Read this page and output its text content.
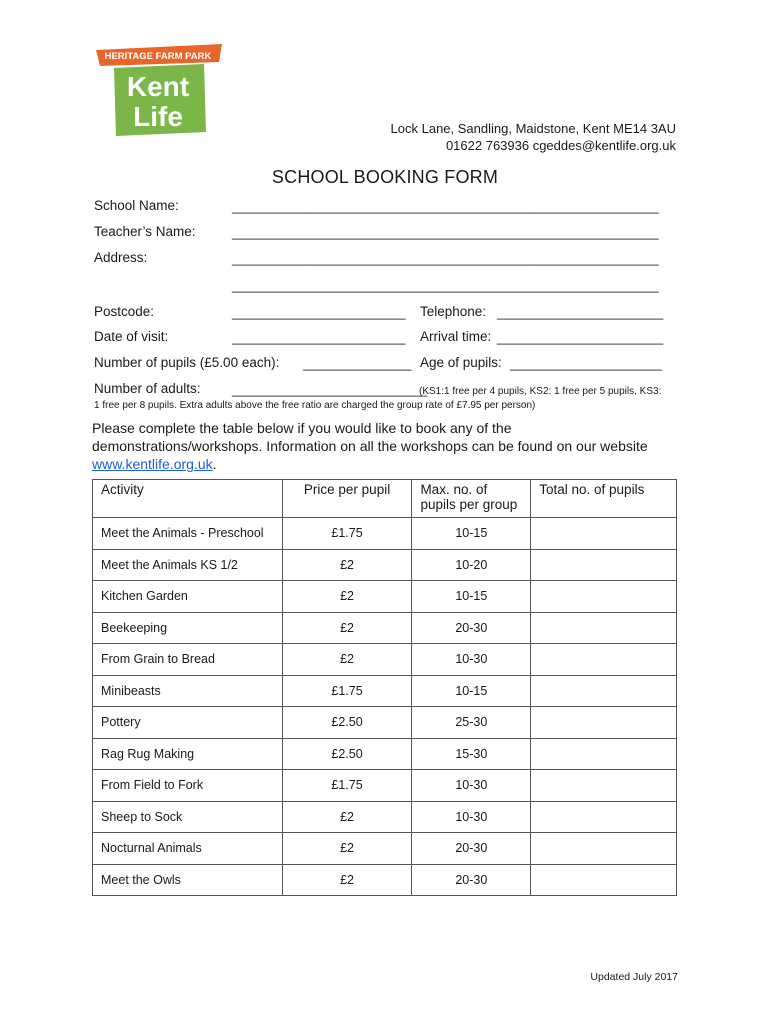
HERITAGE FARM PARK
Kent
Life	Lock Lane, Sandling, Maidstone, Kent ME14 3AU
01622 763936 cgeddes@kentlife.org.uk
SCHOOL BOOKING FORM
School Name:	___________________________________________________________
Teacher’s Name:	___________________________________________________________
Address:	___________________________________________________________
___________________________________________________________
Postcode:	________________________ Telephone: _______________________
Date of visit:	________________________ Arrival time: _______________________
Number of pupils (£5.00 each): _______________ Age of pupils: _____________________
Number of adults: ___________________________
(KS1:1 free per 4 pupils, KS2: 1 free per 5 pupils, KS3:
1 free per 8 pupils. Extra adults above the free ratio are charged the group rate of £7.95 per person)
Please complete the table below if you would like to book any of the demonstrations/workshops. Information on all the workshops can be found on our website www.kentlife.org.uk.
Activity	Price per pupil	Max. no. of pupils per group	Total no. of pupils
Meet the Animals - Preschool	£1.75	10-15	
Meet the Animals KS 1/2	£2	10-20	
Kitchen Garden	£2	10-15	
Beekeeping	£2	20-30	
From Grain to Bread	£2	10-30	
Minibeasts	£1.75	10-15	
Pottery	£2.50	25-30	
Rag Rug Making	£2.50	15-30	
From Field to Fork	£1.75	10-30	
Sheep to Sock	£2	10-30	
Nocturnal Animals	£2	20-30	
Meet the Owls	£2	20-30	
Updated July 2017
